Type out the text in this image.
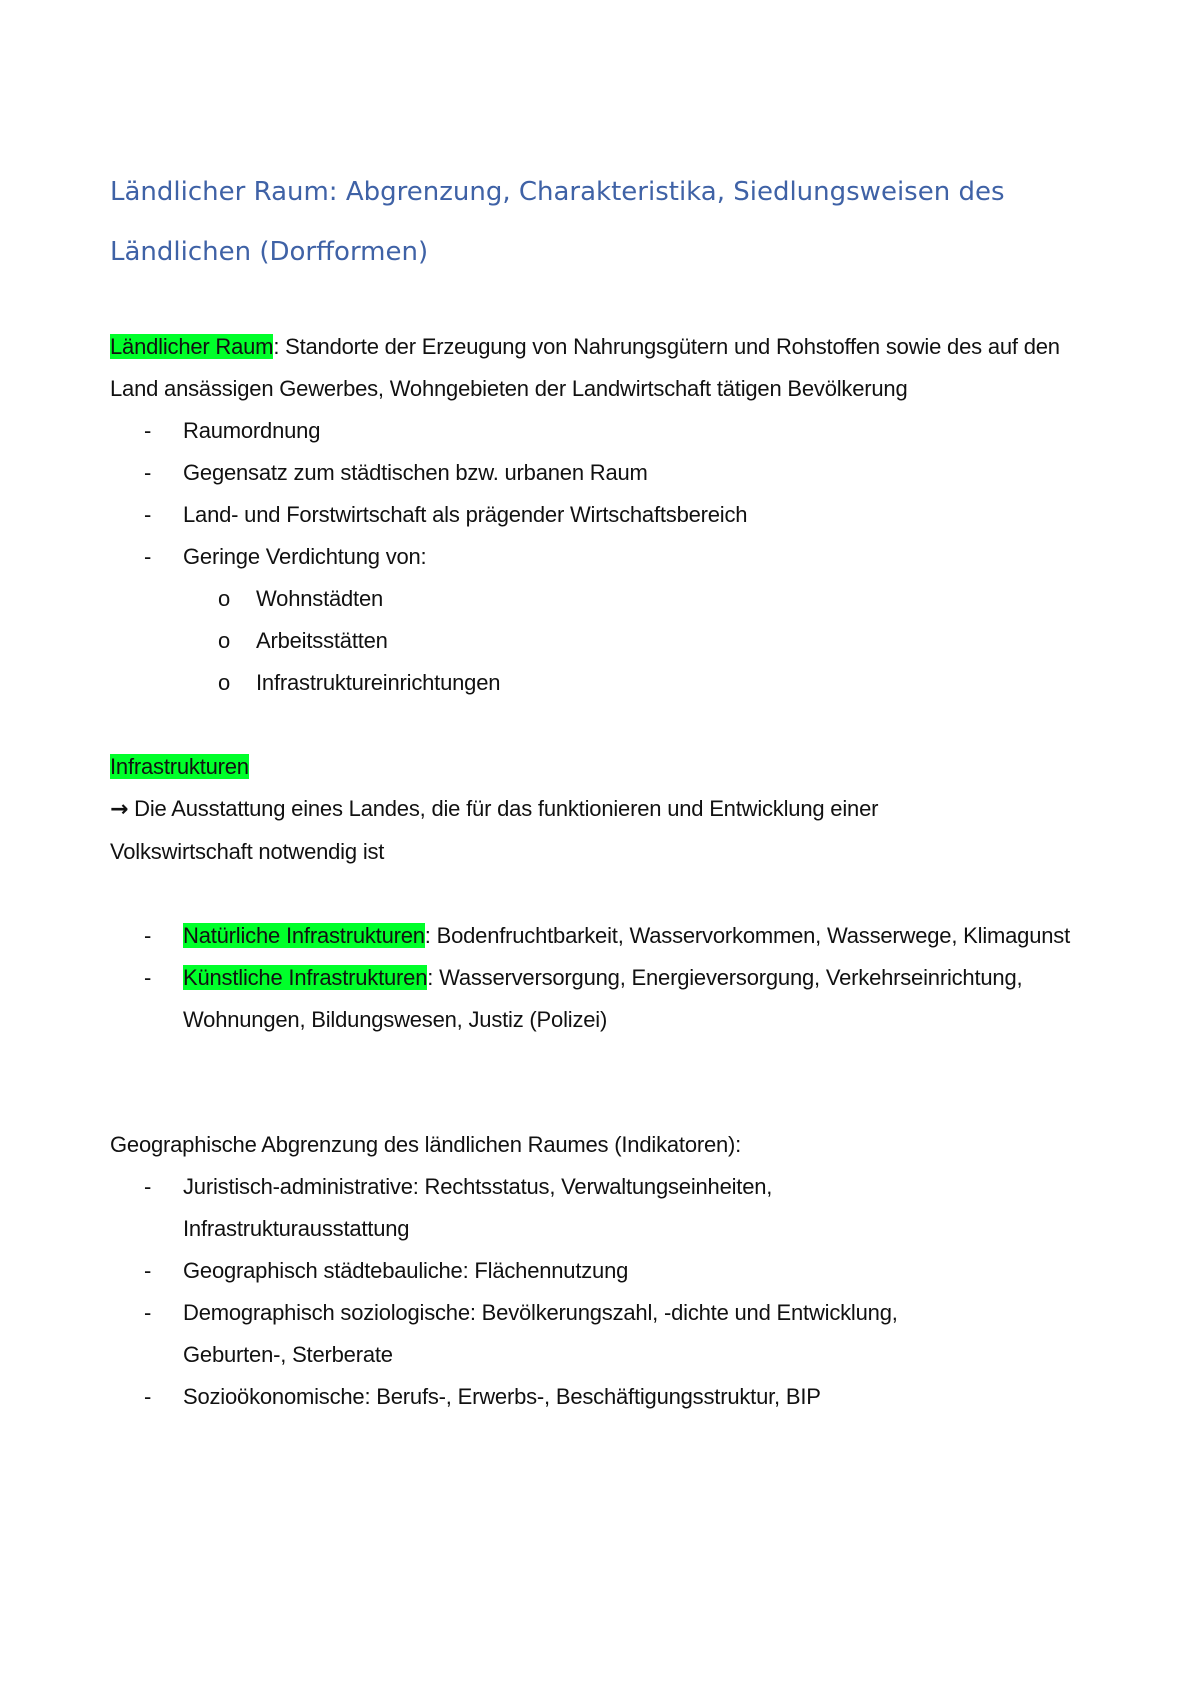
Ländlicher Raum: Abgrenzung, Charakteristika, Siedlungsweisen des
Ländlichen (Dorfformen)

Ländlicher Raum: Standorte der Erzeugung von Nahrungsgütern und Rohstoffen sowie des auf den Land ansässigen Gewerbes, Wohngebieten der Landwirtschaft tätigen Bevölkerung

- Raumordnung
- Gegensatz zum städtischen bzw. urbanen Raum
- Land- und Forstwirtschaft als prägender Wirtschaftsbereich
- Geringe Verdichtung von:
o Wohnstädten
o Arbeitsstätten
o Infrastruktureinrichtungen

Infrastrukturen

→ Die Ausstattung eines Landes, die für das funktionieren und Entwicklung einer Volkswirtschaft notwendig ist

- Natürliche Infrastrukturen: Bodenfruchtbarkeit, Wasservorkommen, Wasserwege, Klimagunst
- Künstliche Infrastrukturen: Wasserversorgung, Energieversorgung, Verkehrseinrichtung, Wohnungen, Bildungswesen, Justiz (Polizei)

Geographische Abgrenzung des ländlichen Raumes (Indikatoren):

- Juristisch-administrative: Rechtsstatus, Verwaltungseinheiten, Infrastrukturausstattung
- Geographisch städtebauliche: Flächennutzung
- Demographisch soziologische: Bevölkerungszahl, -dichte und Entwicklung, Geburten-, Sterberate
- Sozioökonomische: Berufs-, Erwerbs-, Beschäftigungsstruktur, BIP
